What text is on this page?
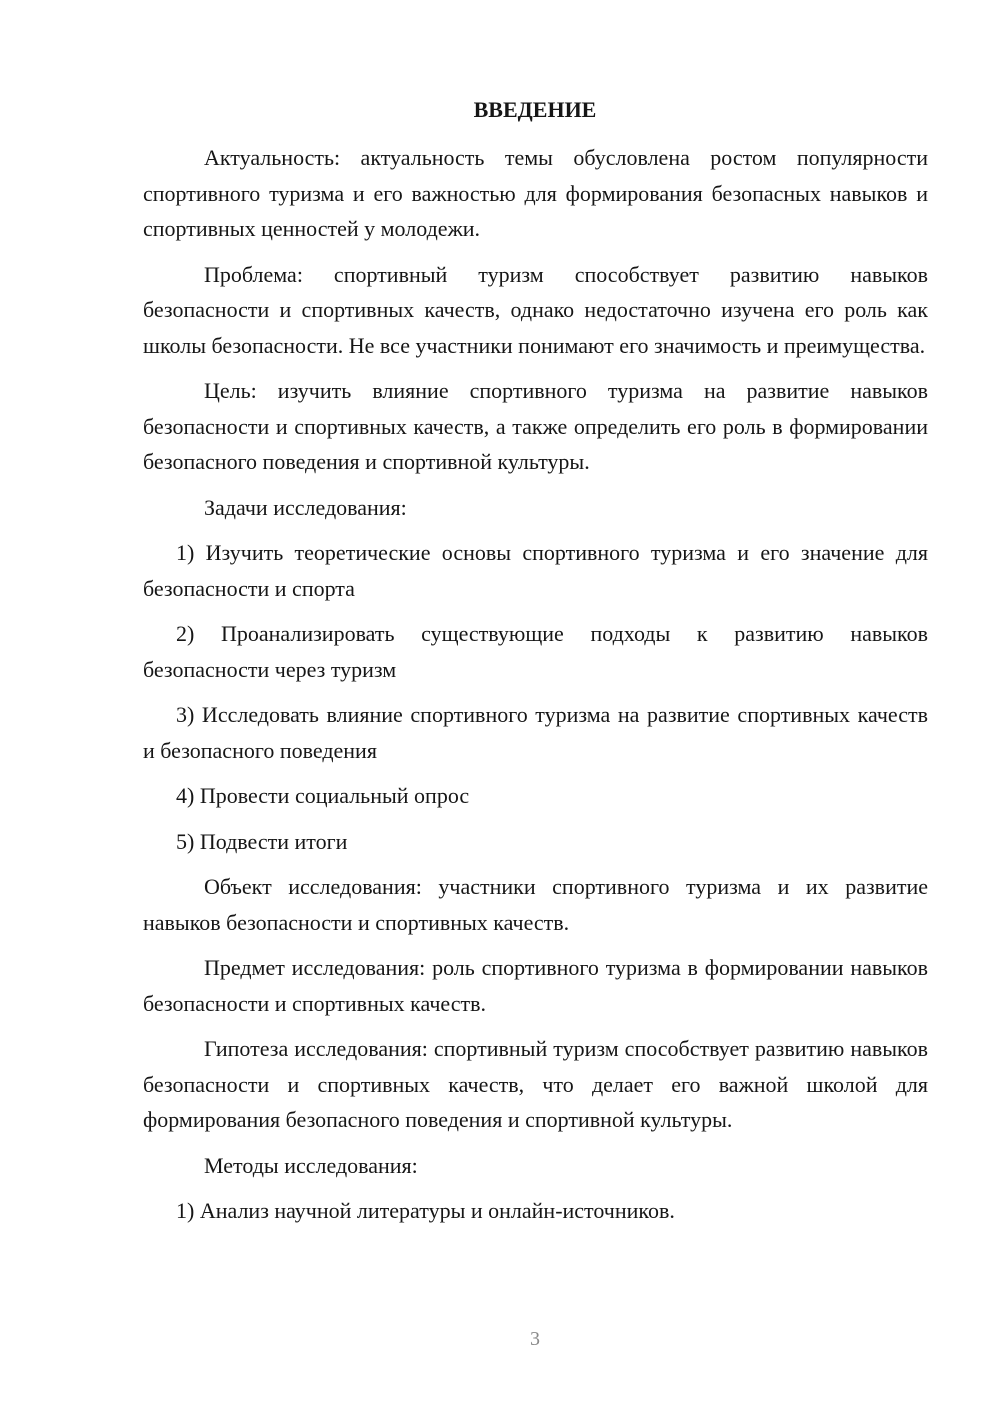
ВВЕДЕНИЕ

Актуальность: актуальность темы обусловлена ростом популярности спортивного туризма и его важностью для формирования безопасных навыков и спортивных ценностей у молодежи.

Проблема: спортивный туризм способствует развитию навыков безопасности и спортивных качеств, однако недостаточно изучена его роль как школы безопасности. Не все участники понимают его значимость и преимущества.

Цель: изучить влияние спортивного туризма на развитие навыков безопасности и спортивных качеств, а также определить его роль в формировании безопасного поведения и спортивной культуры.

Задачи исследования:

1) Изучить теоретические основы спортивного туризма и его значение для безопасности и спорта

2) Проанализировать существующие подходы к развитию навыков безопасности через туризм

3) Исследовать влияние спортивного туризма на развитие спортивных качеств и безопасного поведения

4) Провести социальный опрос

5) Подвести итоги

Объект исследования: участники спортивного туризма и их развитие навыков безопасности и спортивных качеств.

Предмет исследования: роль спортивного туризма в формировании навыков безопасности и спортивных качеств.

Гипотеза исследования: спортивный туризм способствует развитию навыков безопасности и спортивных качеств, что делает его важной школой для формирования безопасного поведения и спортивной культуры.

Методы исследования:

1) Анализ научной литературы и онлайн-источников.

3
